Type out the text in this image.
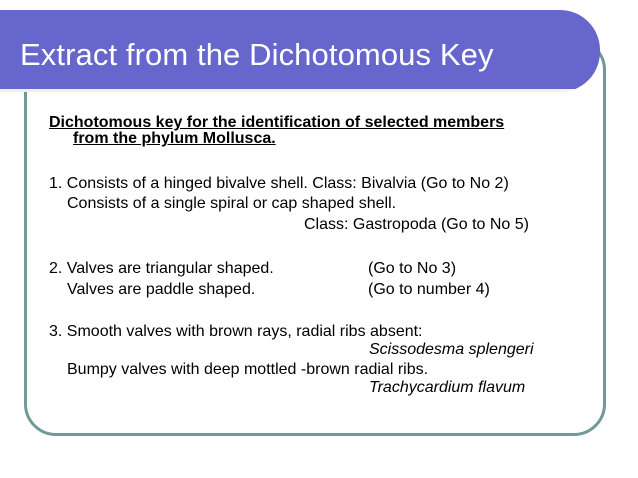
Extract from the Dichotomous Key
Dichotomous key for the identification of selected members
from the phylum Mollusca.
1. Consists of a hinged bivalve shell. Class: Bivalvia (Go to No 2)
Consists of a single spiral or cap shaped shell.
Class: Gastropoda (Go to No 5)
2. Valves are triangular shaped.	(Go to No 3)
Valves are paddle shaped.	(Go to number 4)
3. Smooth valves with brown rays, radial ribs absent:
Scissodesma splengeri
Bumpy valves with deep mottled -brown radial ribs.
Trachycardium flavum
